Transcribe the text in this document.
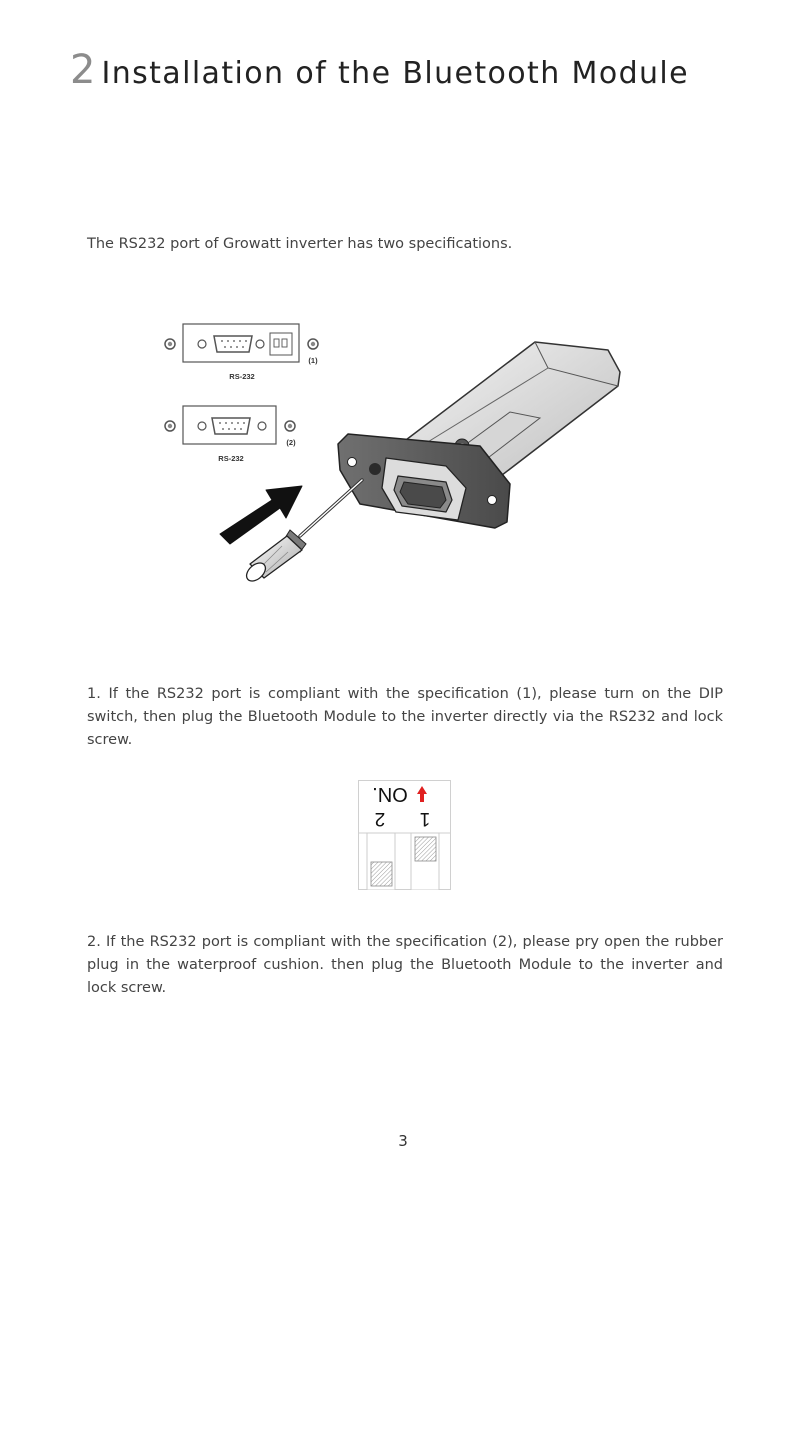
2 Installation of the Bluetooth Module

The RS232 port of Growatt inverter has two specifications.

RS-232
(1)
RS-232
(2)

1. If the RS232 port is compliant with the specification (1), please turn on the DIP switch, then plug the Bluetooth Module to the inverter directly via the RS232 and lock screw.

ON.
2 1

2. If the RS232 port is compliant with the specification (2), please pry open the rubber plug in the waterproof cushion. then plug the Bluetooth Module to the inverter and lock screw.

3
